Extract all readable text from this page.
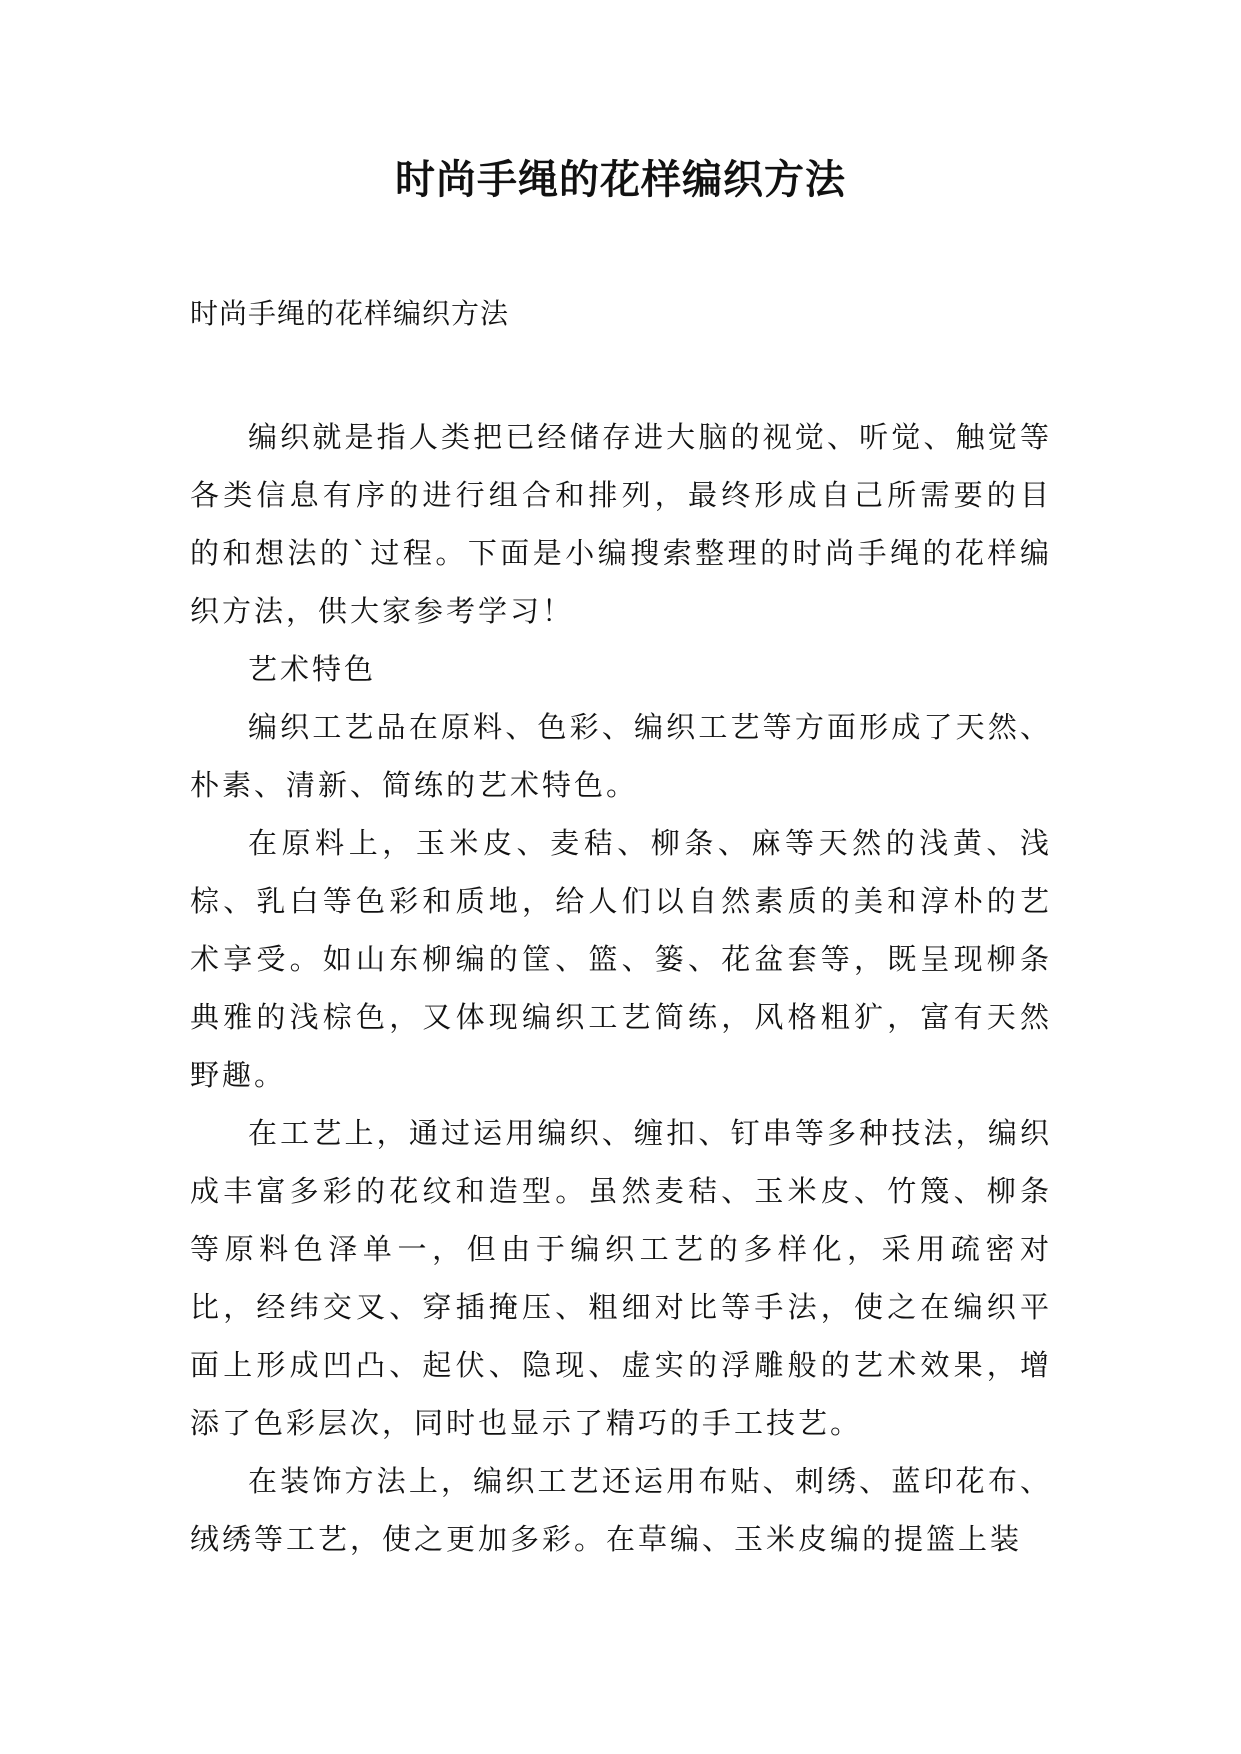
时尚手绳的花样编织方法
时尚手绳的花样编织方法

编织就是指人类把已经储存进大脑的视觉、听觉、触觉等各类信息有序的进行组合和排列，最终形成自己所需要的目的和想法的`过程。下面是小编搜索整理的时尚手绳的花样编织方法，供大家参考学习！

艺术特色

编织工艺品在原料、色彩、编织工艺等方面形成了天然、朴素、清新、简练的艺术特色。

在原料上，玉米皮、麦秸、柳条、麻等天然的浅黄、浅棕、乳白等色彩和质地，给人们以自然素质的美和淳朴的艺术享受。如山东柳编的筐、篮、篓、花盆套等，既呈现柳条典雅的浅棕色，又体现编织工艺简练，风格粗犷，富有天然野趣。

在工艺上，通过运用编织、缠扣、钉串等多种技法，编织成丰富多彩的花纹和造型。虽然麦秸、玉米皮、竹篾、柳条等原料色泽单一，但由于编织工艺的多样化，采用疏密对比，经纬交叉、穿插掩压、粗细对比等手法，使之在编织平面上形成凹凸、起伏、隐现、虚实的浮雕般的艺术效果，增添了色彩层次，同时也显示了精巧的手工技艺。

在装饰方法上，编织工艺还运用布贴、刺绣、蓝印花布、绒绣等工艺，使之更加多彩。在草编、玉米皮编的提篮上装
